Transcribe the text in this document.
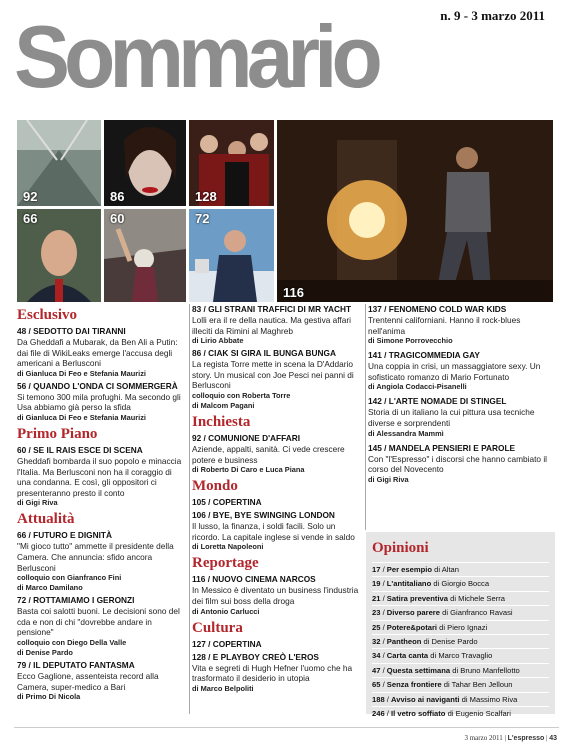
n. 9 - 3 marzo 2011
Sommario
92	86	128
66	60	72
116
Esclusivo
48 / SEDOTTO DAI TIRANNI
Da Gheddafi a Mubarak, da Ben Ali a Putin: dai file di WikiLeaks emerge l'accusa degli americani a Berlusconi
di Gianluca Di Feo e Stefania Maurizi
56 / QUANDO L'ONDA CI SOMMERGERÀ
Si temono 300 mila profughi. Ma secondo gli Usa abbiamo già perso la sfida
di Gianluca Di Feo e Stefania Maurizi
Primo Piano
60 / SE IL RAIS ESCE DI SCENA
Gheddafi bombarda il suo popolo e minaccia l'Italia. Ma Berlusconi non ha il coraggio di una condanna. E così, gli oppositori ci presenteranno presto il conto
di Gigi Riva
Attualità
66 / FUTURO E DIGNITÀ
"Mi gioco tutto" ammette il presidente della Camera. Che annuncia: sfido ancora Berlusconi
colloquio con Gianfranco Fini
di Marco Damilano
72 / ROTTAMIAMO I GERONZI
Basta coi salotti buoni. Le decisioni sono del cda e non di chi "dovrebbe andare in pensione"
colloquio con Diego Della Valle
di Denise Pardo
79 / IL DEPUTATO FANTASMA
Ecco Gaglione, assenteista record alla Camera, super-medico a Bari
di Primo Di Nicola
83 / GLI STRANI TRAFFICI DI MR YACHT
Lolli era il re della nautica. Ma gestiva affari illeciti da Rimini al Maghreb
di Lirio Abbate
86 / CIAK SI GIRA IL BUNGA BUNGA
La regista Torre mette in scena la D'Addario story. Un musical con Joe Pesci nei panni di Berlusconi
colloquio con Roberta Torre
di Malcom Pagani
Inchiesta
92 / COMUNIONE D'AFFARI
Aziende, appalti, sanità. Ci vede crescere potere e business
di Roberto Di Caro e Luca Piana
Mondo
105 / COPERTINA
106 / BYE, BYE SWINGING LONDON
Il lusso, la finanza, i soldi facili. Solo un ricordo. La capitale inglese si vende in saldo
di Loretta Napoleoni
Reportage
116 / NUOVO CINEMA NARCOS
In Messico è diventato un business l'industria dei film sui boss della droga
di Antonio Carlucci
Cultura
127 / COPERTINA
128 / E PLAYBOY CREÒ L'EROS
Vita e segreti di Hugh Hefner l'uomo che ha trasformato il desiderio in utopia
di Marco Belpoliti
137 / FENOMENO COLD WAR KIDS
Trentenni californiani. Hanno il rock-blues nell'anima
di Simone Porrovecchio
141 / TRAGICOMMEDIA GAY
Una coppia in crisi, un massaggiatore sexy. Un sofisticato romanzo di Mario Fortunato
di Angiola Codacci-Pisanelli
142 / L'ARTE NOMADE DI STINGEL
Storia di un italiano la cui pittura usa tecniche diverse e sorprendenti
di Alessandra Mammì
145 / MANDELA PENSIERI E PAROLE
Con "l'Espresso" i discorsi che hanno cambiato il corso del Novecento
di Gigi Riva
Opinioni
17 / Per esempio di Altan
19 / L'antitaliano di Giorgio Bocca
21 / Satira preventiva di Michele Serra
23 / Diverso parere di Gianfranco Ravasi
25 / Potere&potari di Piero Ignazi
32 / Pantheon di Denise Pardo
34 / Carta canta di Marco Travaglio
47 / Questa settimana di Bruno Manfellotto
65 / Senza frontiere di Tahar Ben Jelloun
188 / Avviso ai naviganti di Massimo Riva
246 / Il vetro soffiato di Eugenio Scalfari
3 marzo 2011 | L'espresso | 43
